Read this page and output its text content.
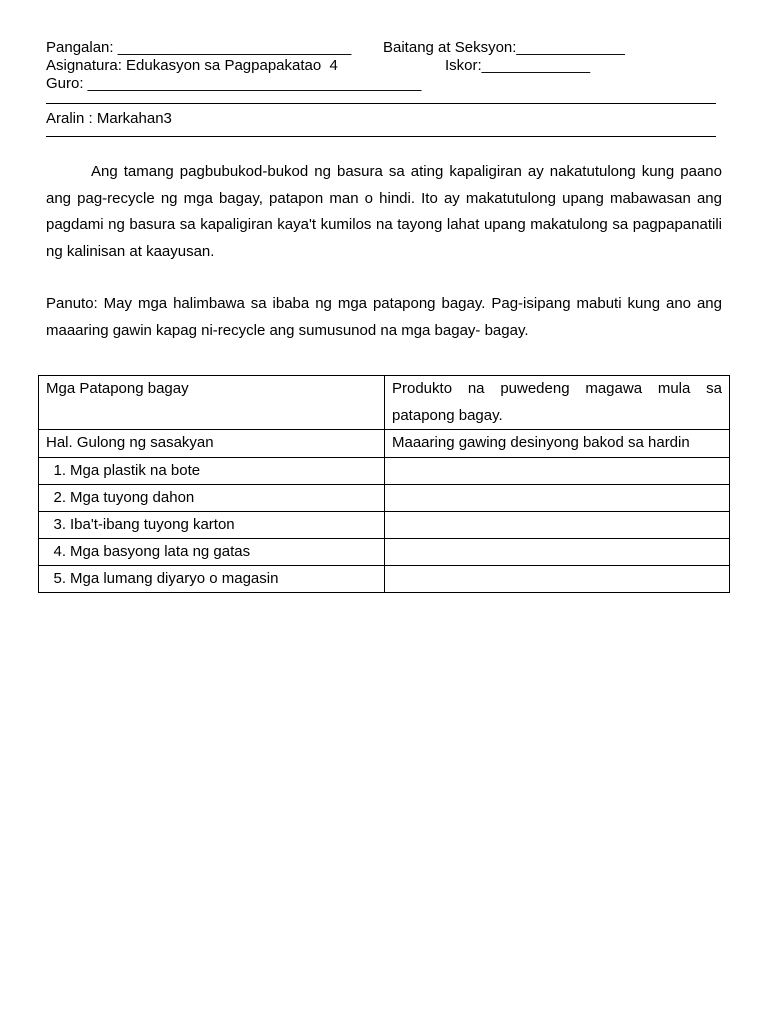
Pangalan: ____________________________ Baitang at Seksyon:_____________
Asignatura: Edukasyon sa Pagpapakatao  4	Iskor:_____________
Guro: ________________________________________
Aralin : Markahan3

Ang tamang pagbubukod-bukod ng basura sa ating kapaligiran ay nakatutulong kung paano ang pag-recycle ng mga bagay, patapon man o hindi. Ito ay makatutulong upang mabawasan ang pagdami ng basura sa kapaligiran kaya't kumilos na tayong lahat upang makatulong sa pagpapanatili ng kalinisan at kaayusan.

Panuto: May mga halimbawa sa ibaba ng mga patapong bagay. Pag-isipang mabuti kung ano ang maaaring gawin kapag ni-recycle ang sumusunod na mga bagay- bagay.

Mga Patapong bagay	Produkto na puwedeng magawa mula sa patapong bagay.
Hal. Gulong ng sasakyan	Maaaring gawing desinyong bakod sa hardin
1. Mga plastik na bote	
2. Mga tuyong dahon	
3. Iba't-ibang tuyong karton	
4. Mga basyong lata ng gatas	
5. Mga lumang diyaryo o magasin	
